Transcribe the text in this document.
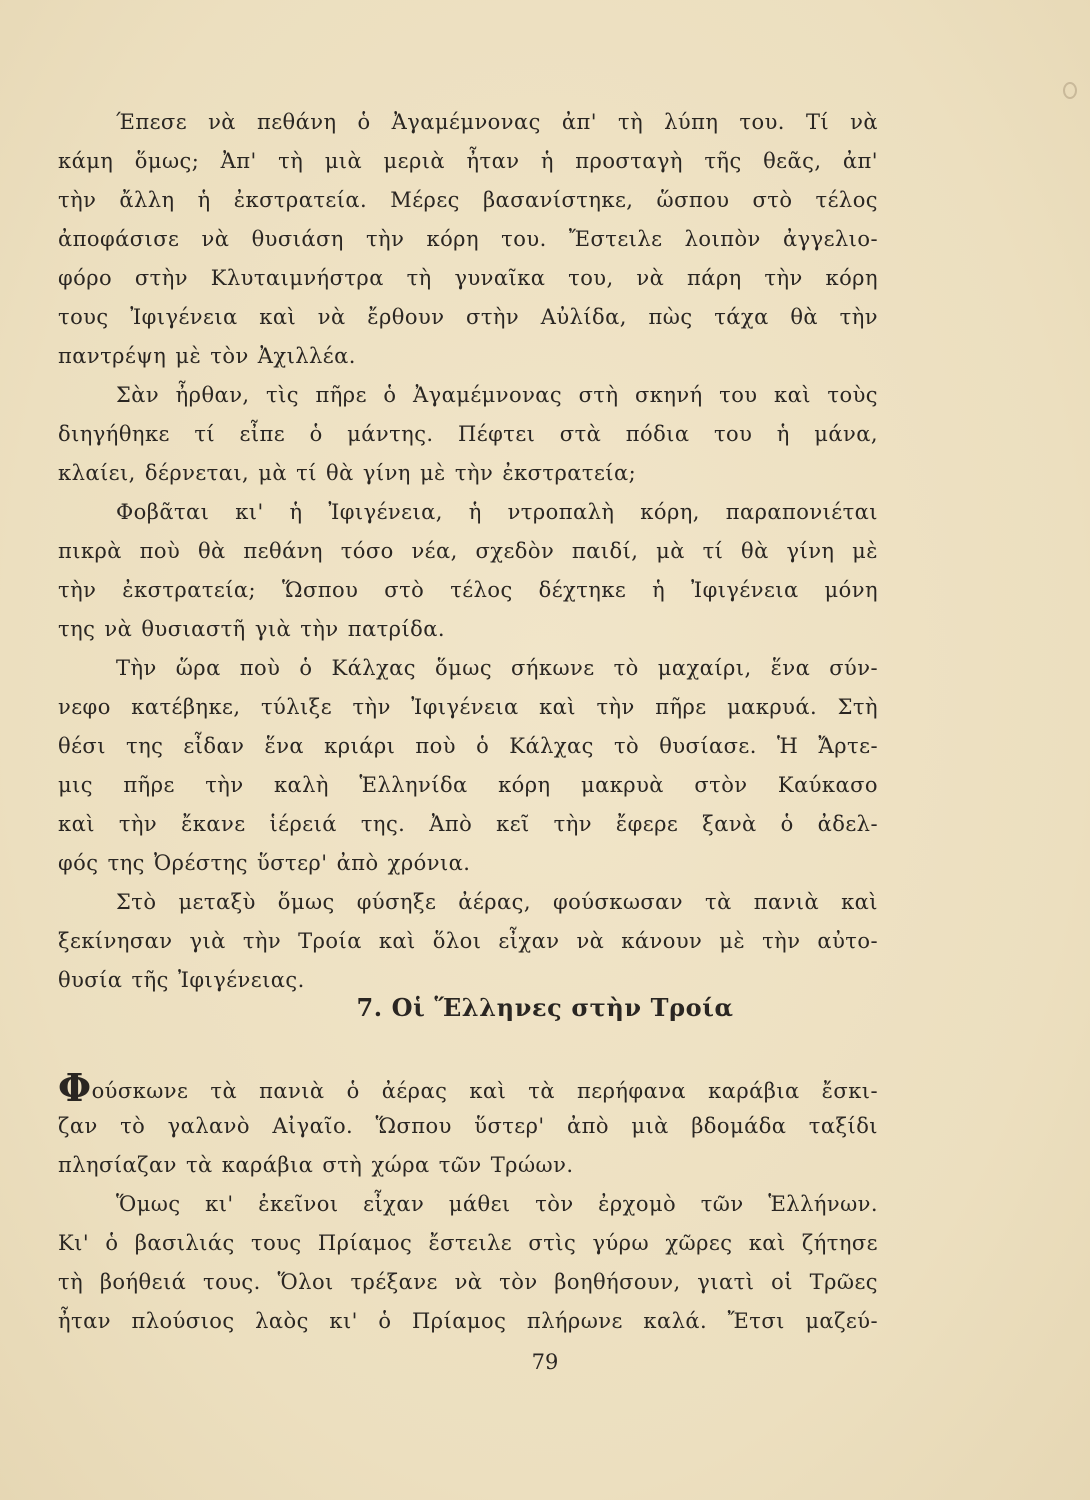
Έπεσε νὰ πεθάνη ὁ Ἀγαμέμνονας ἀπ' τὴ λύπη του. Τί νὰ
κάμη ὅμως; Ἀπ' τὴ μιὰ μεριὰ ἦταν ἡ προσταγὴ τῆς θεᾶς, ἀπ'
τὴν ἄλλη ἡ ἐκστρατεία. Μέρες βασανίστηκε, ὥσπου στὸ τέλος
ἀποφάσισε νὰ θυσιάση τὴν κόρη του. Ἔστειλε λοιπὸν ἀγγελιο-
φόρο στὴν Κλυταιμνήστρα τὴ γυναῖκα του, νὰ πάρη τὴν κόρη
τους Ἰφιγένεια καὶ νὰ ἔρθουν στὴν Αὐλίδα, πὼς τάχα θὰ τὴν
παντρέψη μὲ τὸν Ἀχιλλέα.
Σὰν ἦρθαν, τὶς πῆρε ὁ Ἀγαμέμνονας στὴ σκηνή του καὶ τοὺς
διηγήθηκε τί εἶπε ὁ μάντης. Πέφτει στὰ πόδια του ἡ μάνα,
κλαίει, δέρνεται, μὰ τί θὰ γίνη μὲ τὴν ἐκστρατεία;
Φοβᾶται κι' ἡ Ἰφιγένεια, ἡ ντροπαλὴ κόρη, παραπονιέται
πικρὰ ποὺ θὰ πεθάνη τόσο νέα, σχεδὸν παιδί, μὰ τί θὰ γίνη μὲ
τὴν ἐκστρατεία; Ὥσπου στὸ τέλος δέχτηκε ἡ Ἰφιγένεια μόνη
της νὰ θυσιαστῆ γιὰ τὴν πατρίδα.
Τὴν ὥρα ποὺ ὁ Κάλχας ὅμως σήκωνε τὸ μαχαίρι, ἕνα σύν-
νεφο κατέβηκε, τύλιξε τὴν Ἰφιγένεια καὶ τὴν πῆρε μακρυά. Στὴ
θέσι της εἶδαν ἕνα κριάρι ποὺ ὁ Κάλχας τὸ θυσίασε. Ἡ Ἄρτε-
μις πῆρε τὴν καλὴ Ἑλληνίδα κόρη μακρυὰ στὸν Καύκασο
καὶ τὴν ἔκανε ἱέρειά της. Ἀπὸ κεῖ τὴν ἔφερε ξανὰ ὁ ἀδελ-
φός της Ὀρέστης ὕστερ' ἀπὸ χρόνια.
Στὸ μεταξὺ ὅμως φύσηξε ἀέρας, φούσκωσαν τὰ πανιὰ καὶ
ξεκίνησαν γιὰ τὴν Τροία καὶ ὅλοι εἶχαν νὰ κάνουν μὲ τὴν αὐτο-
θυσία τῆς Ἰφιγένειας.
7. Οἱ Ἕλληνες στὴν Τροία
Φούσκωνε τὰ πανιὰ ὁ ἀέρας καὶ τὰ περήφανα καράβια ἔσκι-
ζαν τὸ γαλανὸ Αἰγαῖο. Ὥσπου ὕστερ' ἀπὸ μιὰ βδομάδα ταξίδι
πλησίαζαν τὰ καράβια στὴ χώρα τῶν Τρώων.
Ὅμως κι' ἐκεῖνοι εἶχαν μάθει τὸν ἐρχομὸ τῶν Ἑλλήνων.
Κι' ὁ βασιλιάς τους Πρίαμος ἔστειλε στὶς γύρω χῶρες καὶ ζήτησε
τὴ βοήθειά τους. Ὅλοι τρέξανε νὰ τὸν βοηθήσουν, γιατὶ οἱ Τρῶες
ἦταν πλούσιος λαὸς κι' ὁ Πρίαμος πλήρωνε καλά. Ἔτσι μαζεύ-
79
